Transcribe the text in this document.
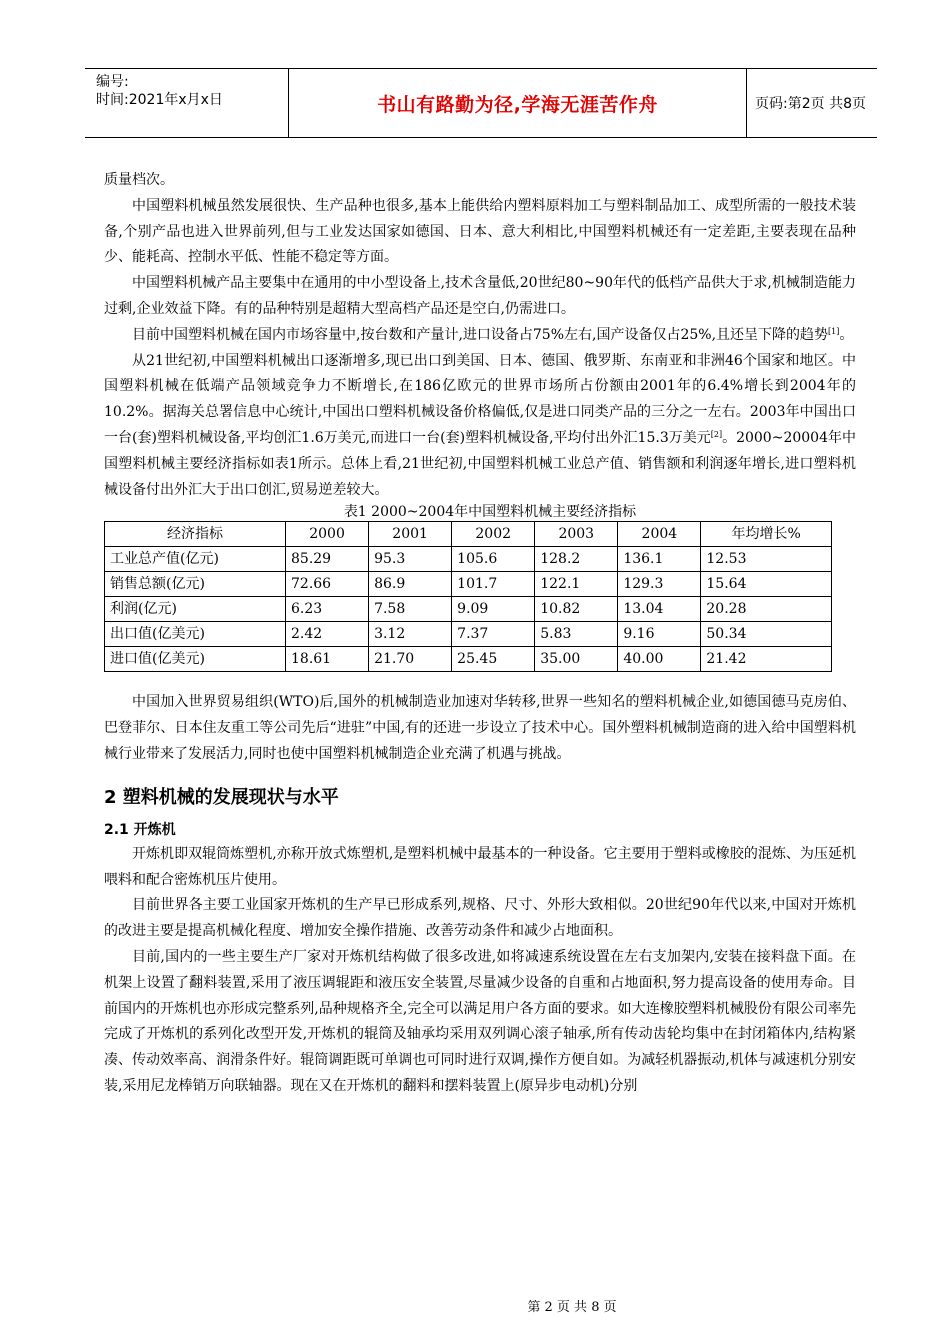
编号:
时间:2021年x月x日	书山有路勤为径,学海无涯苦作舟	页码:第2页 共8页

质量档次。

中国塑料机械虽然发展很快、生产品种也很多,基本上能供给内塑料原料加工与塑料制品加工、成型所需的一般技术装备,个别产品也进入世界前列,但与工业发达国家如德国、日本、意大利相比,中国塑料机械还有一定差距,主要表现在品种少、能耗高、控制水平低、性能不稳定等方面。

中国塑料机械产品主要集中在通用的中小型设备上,技术含量低,20世纪80~90年代的低档产品供大于求,机械制造能力过剩,企业效益下降。有的品种特别是超精大型高档产品还是空白,仍需进口。

目前中国塑料机械在国内市场容量中,按台数和产量计,进口设备占75%左右,国产设备仅占25%,且还呈下降的趋势[1]。

从21世纪初,中国塑料机械出口逐渐增多,现已出口到美国、日本、德国、俄罗斯、东南亚和非洲46个国家和地区。中国塑料机械在低端产品领域竞争力不断增长,在186亿欧元的世界市场所占份额由2001年的6.4%增长到2004年的10.2%。据海关总署信息中心统计,中国出口塑料机械设备价格偏低,仅是进口同类产品的三分之一左右。2003年中国出口一台(套)塑料机械设备,平均创汇1.6万美元,而进口一台(套)塑料机械设备,平均付出外汇15.3万美元[2]。2000~20004年中国塑料机械主要经济指标如表1所示。总体上看,21世纪初,中国塑料机械工业总产值、销售额和利润逐年增长,进口塑料机械设备付出外汇大于出口创汇,贸易逆差较大。

表1 2000~2004年中国塑料机械主要经济指标

经济指标	2000	2001	2002	2003	2004	年均增长%
工业总产值(亿元)	85.29	95.3	105.6	128.2	136.1	12.53
销售总额(亿元)	72.66	86.9	101.7	122.1	129.3	15.64
利润(亿元)	6.23	7.58	9.09	10.82	13.04	20.28
出口值(亿美元)	2.42	3.12	7.37	5.83	9.16	50.34
进口值(亿美元)	18.61	21.70	25.45	35.00	40.00	21.42

中国加入世界贸易组织(WTO)后,国外的机械制造业加速对华转移,世界一些知名的塑料机械企业,如德国德马克房伯、巴登菲尔、日本住友重工等公司先后“进驻”中国,有的还进一步设立了技术中心。国外塑料机械制造商的进入给中国塑料机械行业带来了发展活力,同时也使中国塑料机械制造企业充满了机遇与挑战。

2 塑料机械的发展现状与水平

2.1 开炼机

开炼机即双辊筒炼塑机,亦称开放式炼塑机,是塑料机械中最基本的一种设备。它主要用于塑料或橡胶的混炼、为压延机喂料和配合密炼机压片使用。

目前世界各主要工业国家开炼机的生产早已形成系列,规格、尺寸、外形大致相似。20世纪90年代以来,中国对开炼机的改进主要是提高机械化程度、增加安全操作措施、改善劳动条件和减少占地面积。

目前,国内的一些主要生产厂家对开炼机结构做了很多改进,如将减速系统设置在左右支加架内,安装在接料盘下面。在机架上设置了翻料装置,采用了液压调辊距和液压安全装置,尽量减少设备的自重和占地面积,努力提高设备的使用寿命。目前国内的开炼机也亦形成完整系列,品种规格齐全,完全可以满足用户各方面的要求。如大连橡胶塑料机械股份有限公司率先完成了开炼机的系列化改型开发,开炼机的辊筒及轴承均采用双列调心滚子轴承,所有传动齿轮均集中在封闭箱体内,结构紧凑、传动效率高、润滑条件好。辊筒调距既可单调也可同时进行双调,操作方便自如。为减轻机器振动,机体与减速机分别安装,采用尼龙棒销万向联轴器。现在又在开炼机的翻料和摆料装置上(原异步电动机)分别

第 2 页 共 8 页
